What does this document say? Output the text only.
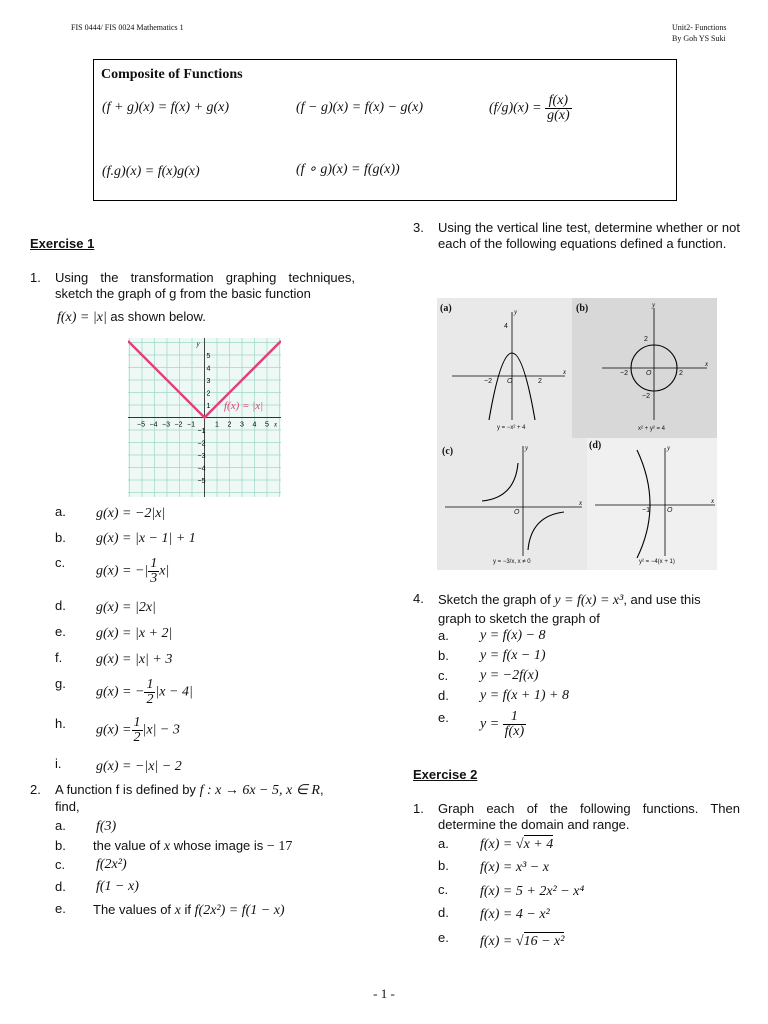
FIS 0444/ FIS 0024 Mathematics 1	Unit2- Functions
By Goh YS Suki
Composite of Functions
(f + g)(x) = f(x) + g(x)	(f − g)(x) = f(x) − g(x)	$(f/g)(x) = \frac{f(x)}{g(x)}$
(f.g)(x) = f(x)g(x)	(f ∘ g)(x) = f(g(x))
Exercise 1
1. Using the transformation graphing techniques, sketch the graph of g from the basic function
f(x) = |x| as shown below.
−5 −4 −3 −2 −1	1 2 3 4 5
5
4
3
2
1
−1
−2
−3
−4
−5
x
y
f(x) = |x|
a. g(x) = −2|x|
b. g(x) = |x − 1| + 1
c.
g(x) = −| $\frac{1}{3} x|$
d. g(x) = |2x|
e. g(x) = |x + 2|
f. g(x) = |x| + 3
g.
g(x) = − $\frac{1}{2} |x - 4|$
h. $g(x) = \frac{1}{2} |x| - 3$
i. g(x) = −|x| − 2
2. A function f is defined by f : x → 6x − 5, x ∈ R,
find,
a. f(3)
b. the value of x whose image is − 17
c. f(2x²)
d. f(1 − x)
e. The values of x if f(2x²) = f(1 − x)
3. Using the vertical line test, determine whether or not each of the following equations defined a function.
(a)
x
y
4
−2 O	2
y = −x² + 4
(b)
x
y
2
−2	O	2
−2
x² + y² = 4
(c)
x
y
O
y = −3/x, x ≠ 0
(d)
x
y
−1 O
y² = −4(x + 1)
4. Sketch the graph of y = f(x) = x³, and use this
graph to sketch the graph of
a. y = f(x) − 8
b. y = f(x − 1)
c. y = −2f(x)
d. y = f(x + 1) + 8
e. $y = \frac{1}{f(x)}$
Exercise 2
1. Graph each of the following functions. Then determine the domain and range.
a. f(x) = √x + 4
b. f(x) = x³ − x
c. f(x) = 5 + 2x² − x⁴
d. f(x) = 4 − x²
e. f(x) = √16 − x²
- 1 -
